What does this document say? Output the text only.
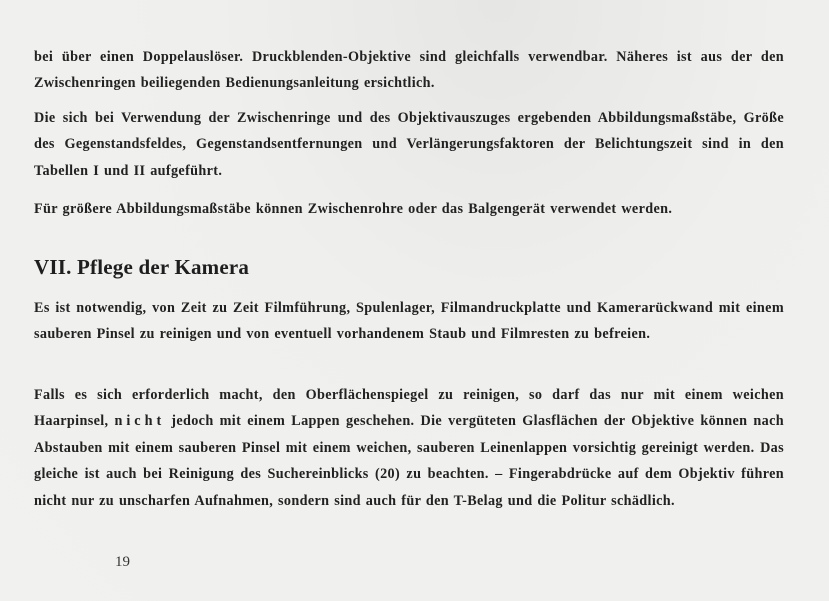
bei über einen Doppelauslöser. Druckblenden-Objektive sind gleichfalls verwendbar. Näheres ist aus der den Zwischenringen beiliegenden Bedienungsanleitung ersichtlich.

Die sich bei Verwendung der Zwischenringe und des Objektivauszuges ergebenden Abbildungsmaßstäbe, Größe des Gegenstandsfeldes, Gegenstandsentfernungen und Verlängerungsfaktoren der Belichtungszeit sind in den Tabellen I und II aufgeführt.

Für größere Abbildungsmaßstäbe können Zwischenrohre oder das Balgengerät verwendet werden.

VII. Pflege der Kamera

Es ist notwendig, von Zeit zu Zeit Filmführung, Spulenlager, Filmandruckplatte und Kamerarückwand mit einem sauberen Pinsel zu reinigen und von eventuell vorhandenem Staub und Filmresten zu befreien.

Falls es sich erforderlich macht, den Oberflächenspiegel zu reinigen, so darf das nur mit einem weichen Haarpinsel, nicht jedoch mit einem Lappen geschehen. Die vergüteten Glasflächen der Objektive können nach Abstauben mit einem sauberen Pinsel mit einem weichen, sauberen Leinenlappen vorsichtig gereinigt werden. Das gleiche ist auch bei Reinigung des Suchereinblicks (20) zu beachten. – Fingerabdrücke auf dem Objektiv führen nicht nur zu unscharfen Aufnahmen, sondern sind auch für den T-Belag und die Politur schädlich.

19
